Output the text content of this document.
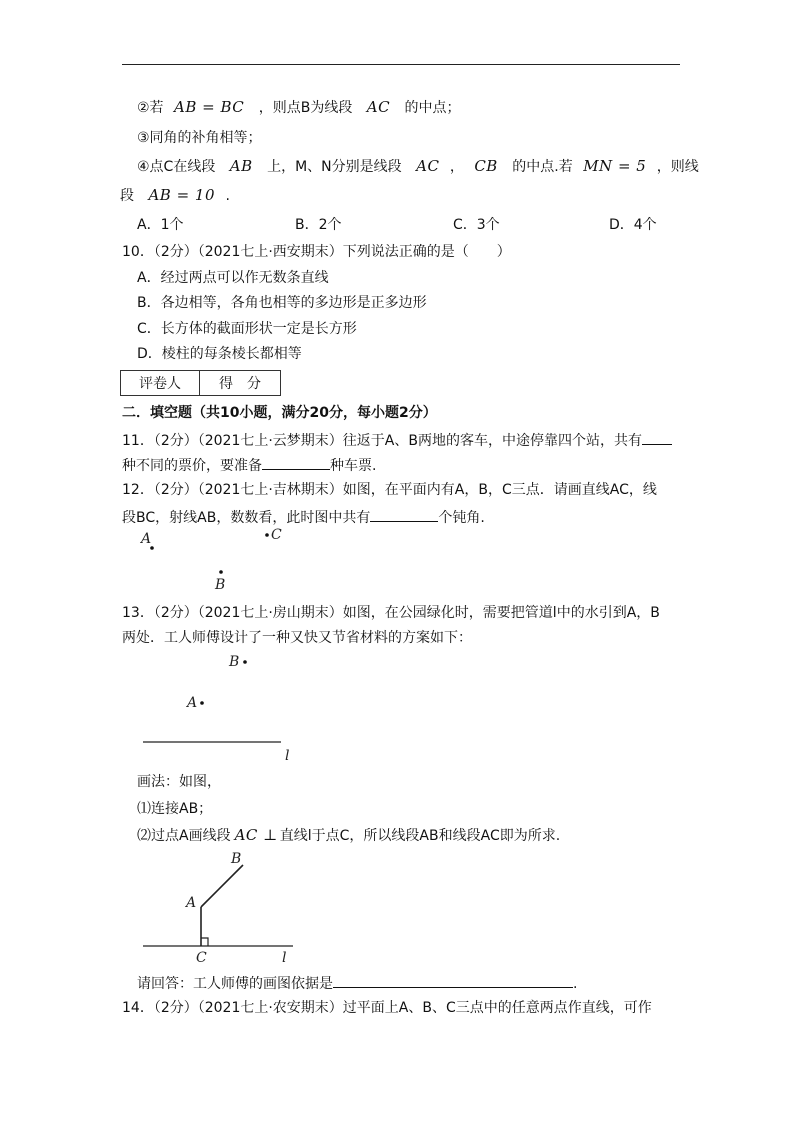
②若 AB = BC ，则点B为线段 AC 的中点；
③同角的补角相等；
④点C在线段 AB 上，M、N分别是线段 AC ， CB 的中点.若 MN = 5 ，则线
段 AB = 10 .
A．1个	B．2个	C．3个	D．4个
10．（2分）（2021七上·西安期末）下列说法正确的是（　　）
A．经过两点可以作无数条直线
B．各边相等，各角也相等的多边形是正多边形
C．长方体的截面形状一定是长方形
D．棱柱的每条棱长都相等
评卷人	得　分
二．填空题（共10小题，满分20分，每小题2分）
11．（2分）（2021七上·云梦期末）往返于A、B两地的客车，中途停靠四个站，共有
种不同的票价，要准备	种车票.
12．（2分）（2021七上·吉林期末）如图，在平面内有A，B，C三点．请画直线AC，线
段BC，射线AB，数数看，此时图中共有	个钝角.
A	C
B
13．（2分）（2021七上·房山期末）如图，在公园绿化时，需要把管道l中的水引到A，B
两处．工人师傅设计了一种又快又节省材料的方案如下：
B
A
l
画法：如图，
⑴连接AB；
⑵过点A画线段 AC ⊥ 直线l于点C，所以线段AB和线段AC即为所求.
B
A
C	l
请回答：工人师傅的画图依据是	.
14．（2分）（2021七上·农安期末）过平面上A、B、C三点中的任意两点作直线，可作
